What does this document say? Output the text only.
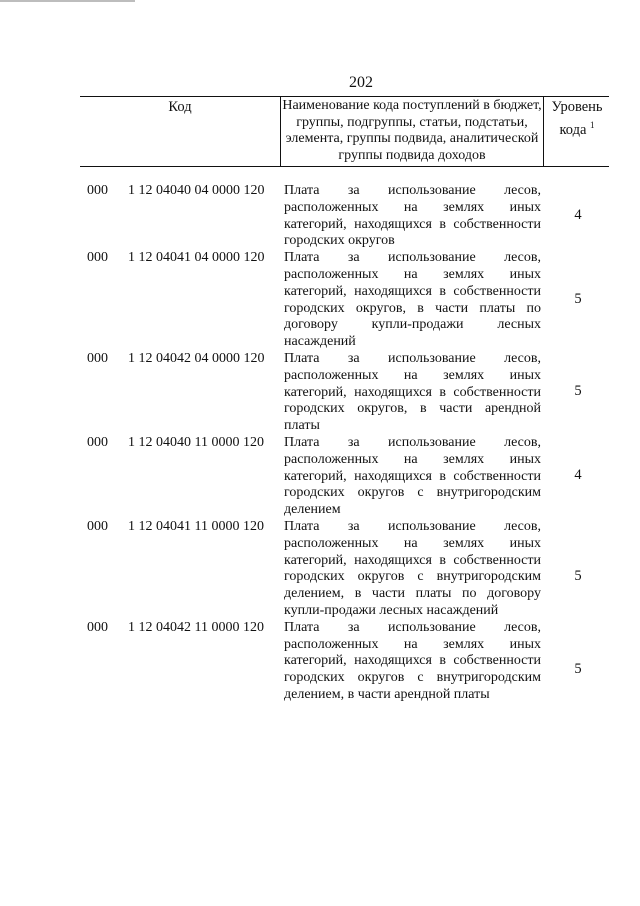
202
Код	Наименование кода поступлений в бюджет, группы, подгруппы, статьи, подстатьи, элемента, группы подвида, аналитической группы подвида доходов
Уровень кода $^1$
000 1 12 04040 04 0000 120 Плата за использование лесов, расположенных на землях иных категорий, находящихся в собственности городских округов
4
000 1 12 04041 04 0000 120 Плата за использование лесов, расположенных на землях иных категорий, находящихся в собственности городских округов, в части платы по договору купли-продажи лесных насаждений
5
000 1 12 04042 04 0000 120 Плата за использование лесов, расположенных на землях иных категорий, находящихся в собственности городских округов, в части арендной платы
5
000 1 12 04040 11 0000 120 Плата за использование лесов, расположенных на землях иных категорий, находящихся в собственности городских округов с внутригородским делением
4
000 1 12 04041 11 0000 120 Плата за использование лесов, расположенных на землях иных категорий, находящихся в собственности городских округов с внутригородским делением, в части платы по договору купли-продажи лесных насаждений
5
000 1 12 04042 11 0000 120 Плата за использование лесов, расположенных на землях иных категорий, находящихся в собственности городских округов с внутригородским делением, в части арендной платы
5
